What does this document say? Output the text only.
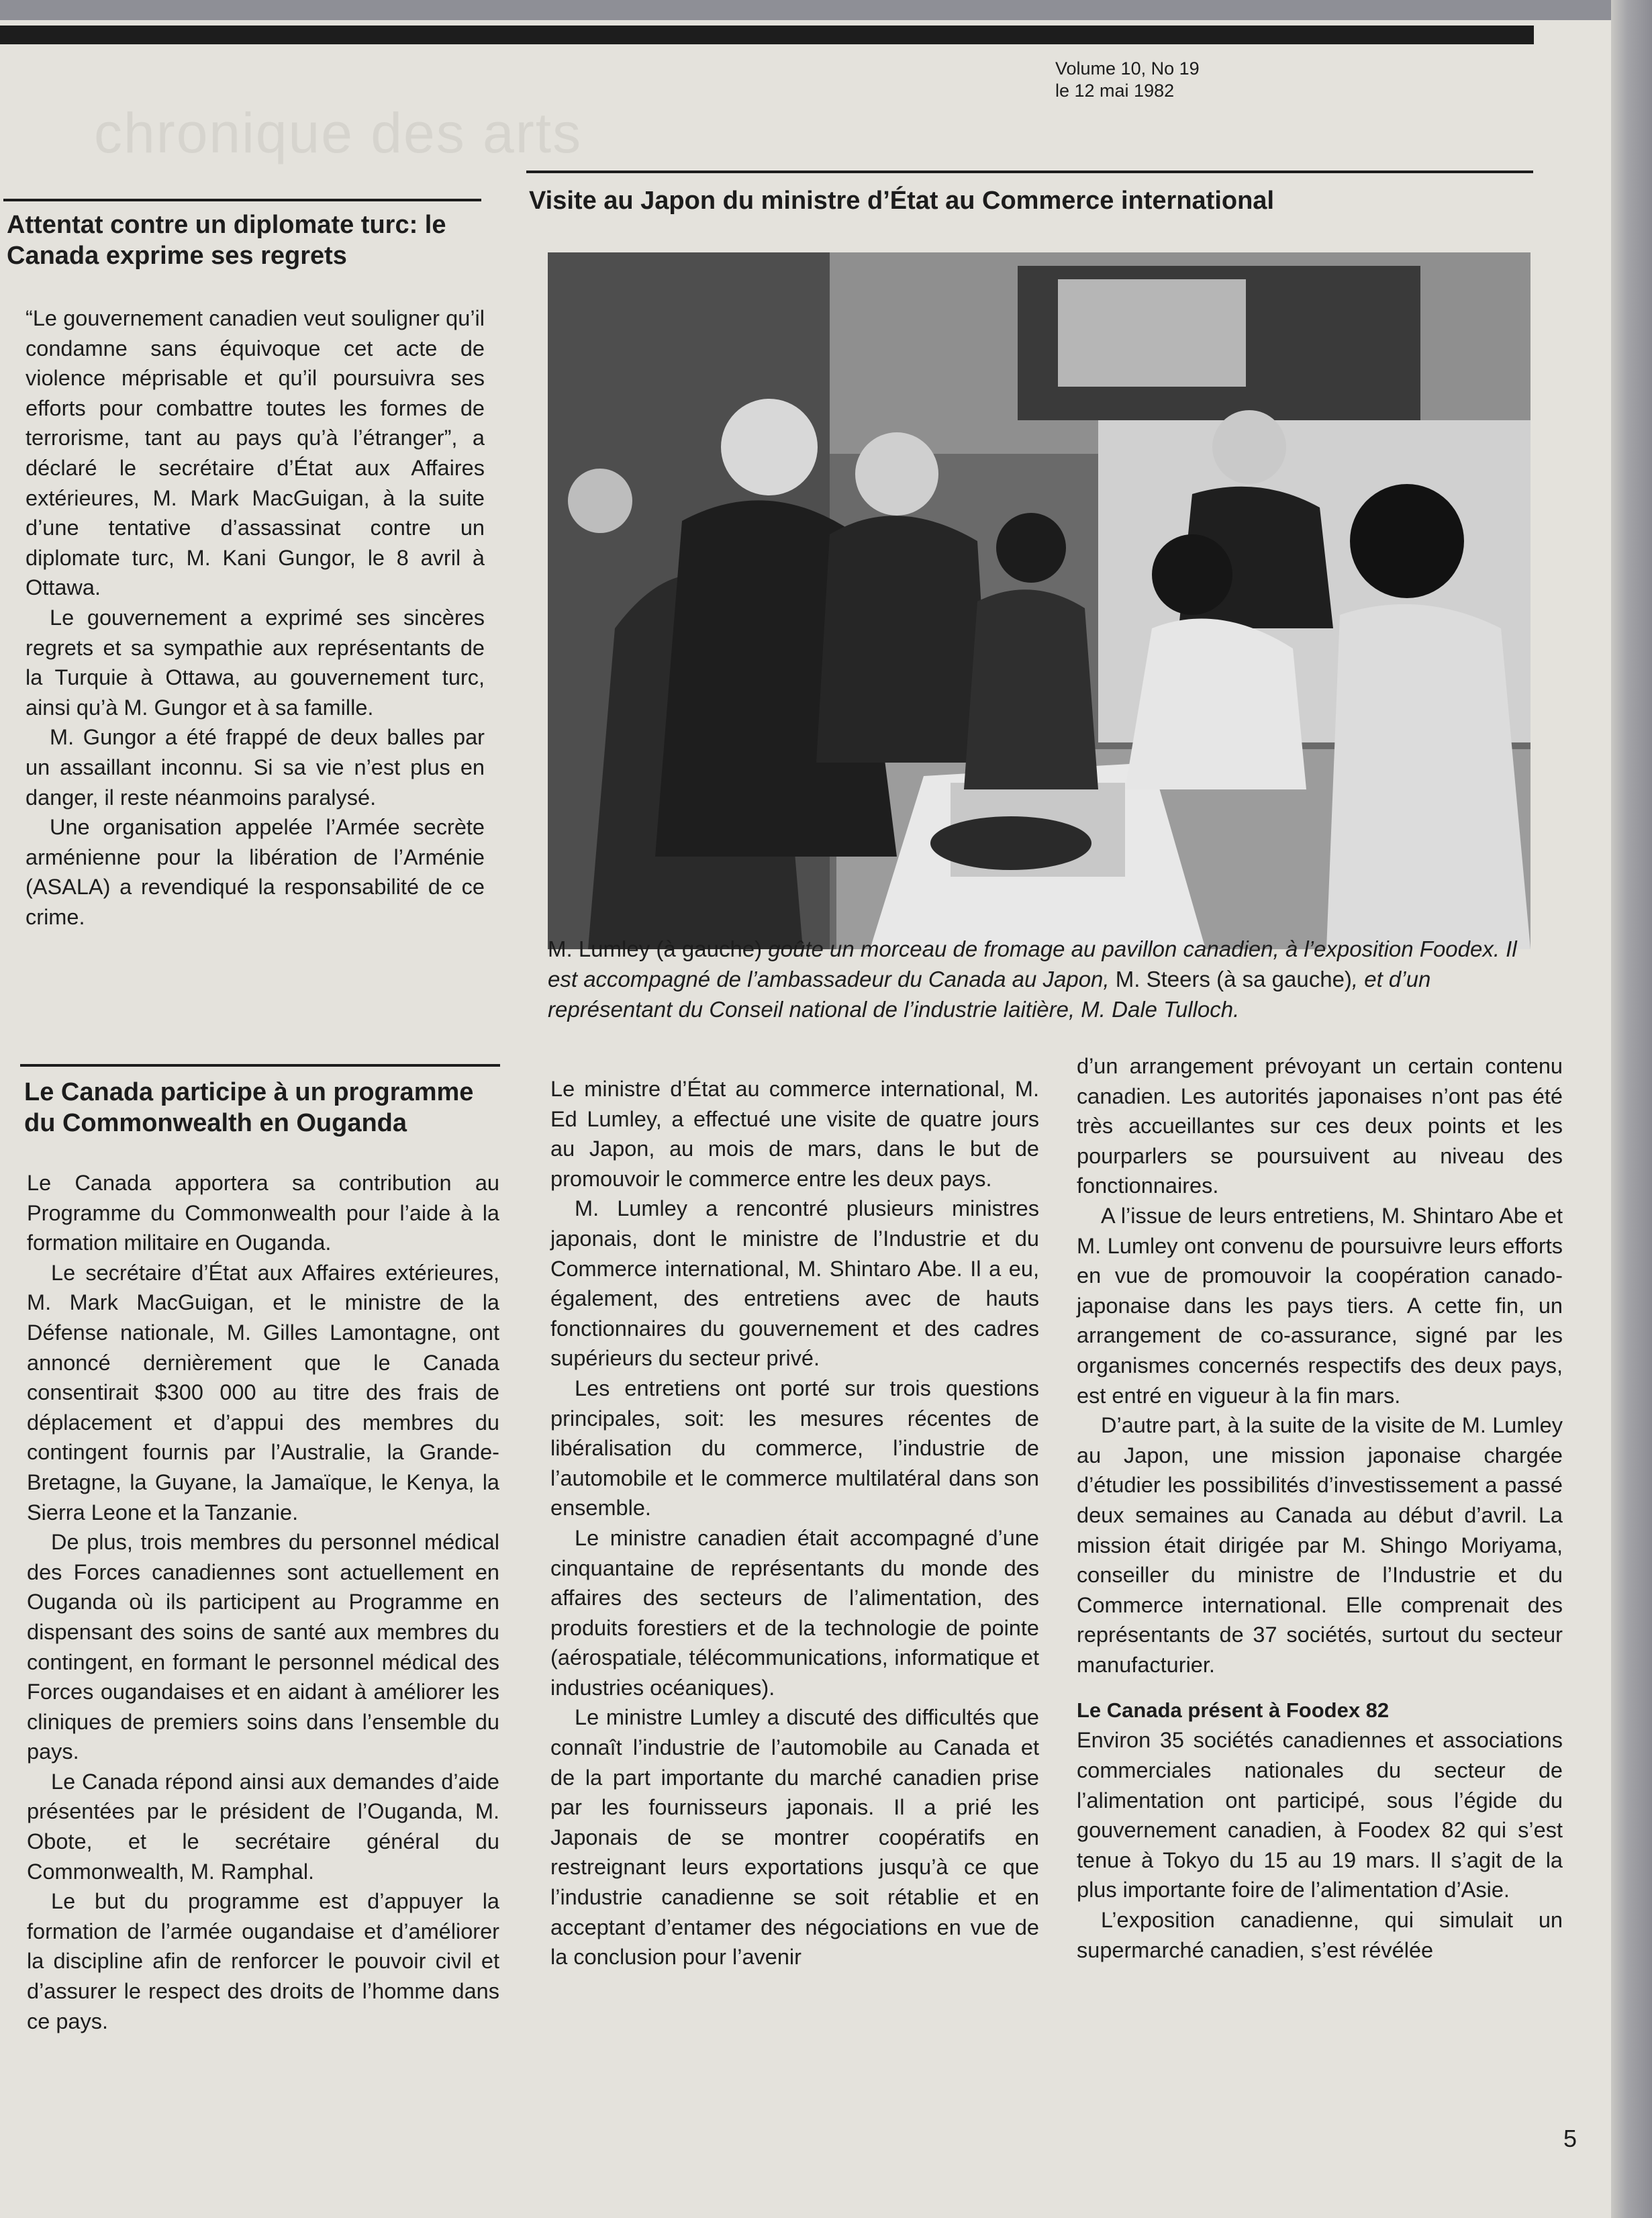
Volume 10, No 19
le 12 mai 1982
chronique des arts
Attentat contre un diplomate turc: le Canada exprime ses regrets

“Le gouvernement canadien veut souligner qu’il condamne sans équivoque cet acte de violence méprisable et qu’il poursuivra ses efforts pour combattre toutes les formes de terrorisme, tant au pays qu’à l’étranger”, a déclaré le secrétaire d’État aux Affaires extérieures, M. Mark MacGuigan, à la suite d’une tentative d’assassinat contre un diplomate turc, M. Kani Gungor, le 8 avril à Ottawa.

Le gouvernement a exprimé ses sincères regrets et sa sympathie aux représentants de la Turquie à Ottawa, au gouvernement turc, ainsi qu’à M. Gungor et à sa famille.

M. Gungor a été frappé de deux balles par un assaillant inconnu. Si sa vie n’est plus en danger, il reste néanmoins paralysé.

Une organisation appelée l’Armée secrète arménienne pour la libération de l’Arménie (ASALA) a revendiqué la responsabilité de ce crime.

Le Canada participe à un programme du Commonwealth en Ouganda

Le Canada apportera sa contribution au Programme du Commonwealth pour l’aide à la formation militaire en Ouganda.

Le secrétaire d’État aux Affaires extérieures, M. Mark MacGuigan, et le ministre de la Défense nationale, M. Gilles Lamontagne, ont annoncé dernièrement que le Canada consentirait $300 000 au titre des frais de déplacement et d’appui des membres du contingent fournis par l’Australie, la Grande-Bretagne, la Guyane, la Jamaïque, le Kenya, la Sierra Leone et la Tanzanie.

De plus, trois membres du personnel médical des Forces canadiennes sont actuellement en Ouganda où ils participent au Programme en dispensant des soins de santé aux membres du contingent, en formant le personnel médical des Forces ougandaises et en aidant à améliorer les cliniques de premiers soins dans l’ensemble du pays.

Le Canada répond ainsi aux demandes d’aide présentées par le président de l’Ouganda, M. Obote, et le secrétaire général du Commonwealth, M. Ramphal.

Le but du programme est d’appuyer la formation de l’armée ougandaise et d’améliorer la discipline afin de renforcer le pouvoir civil et d’assurer le respect des droits de l’homme dans ce pays.

Visite au Japon du ministre d’État au Commerce international
M. Lumley (à gauche) goûte un morceau de fromage au pavillon canadien, à l’exposition Foodex. Il est accompagné de l’ambassadeur du Canada au Japon, M. Steers (à sa gauche), et d’un représentant du Conseil national de l’industrie laitière, M. Dale Tulloch.

Le ministre d’État au commerce international, M. Ed Lumley, a effectué une visite de quatre jours au Japon, au mois de mars, dans le but de promouvoir le commerce entre les deux pays.

M. Lumley a rencontré plusieurs ministres japonais, dont le ministre de l’Industrie et du Commerce international, M. Shintaro Abe. Il a eu, également, des entretiens avec de hauts fonctionnaires du gouvernement et des cadres supérieurs du secteur privé.

Les entretiens ont porté sur trois questions principales, soit: les mesures récentes de libéralisation du commerce, l’industrie de l’automobile et le commerce multilatéral dans son ensemble.

Le ministre canadien était accompagné d’une cinquantaine de représentants du monde des affaires des secteurs de l’alimentation, des produits forestiers et de la technologie de pointe (aérospatiale, télécommunications, informatique et industries océaniques).

Le ministre Lumley a discuté des difficultés que connaît l’industrie de l’automobile au Canada et de la part importante du marché canadien prise par les fournisseurs japonais. Il a prié les Japonais de se montrer coopératifs en restreignant leurs exportations jusqu’à ce que l’industrie canadienne se soit rétablie et en acceptant d’entamer des négociations en vue de la conclusion pour l’avenir

d’un arrangement prévoyant un certain contenu canadien. Les autorités japonaises n’ont pas été très accueillantes sur ces deux points et les pourparlers se poursuivent au niveau des fonctionnaires.

A l’issue de leurs entretiens, M. Shintaro Abe et M. Lumley ont convenu de poursuivre leurs efforts en vue de promouvoir la coopération canado-japonaise dans les pays tiers. A cette fin, un arrangement de co-assurance, signé par les organismes concernés respectifs des deux pays, est entré en vigueur à la fin mars.

D’autre part, à la suite de la visite de M. Lumley au Japon, une mission japonaise chargée d’étudier les possibilités d’investissement a passé deux semaines au Canada au début d’avril. La mission était dirigée par M. Shingo Moriyama, conseiller du ministre de l’Industrie et du Commerce international. Elle comprenait des représentants de 37 sociétés, surtout du secteur manufacturier.

Le Canada présent à Foodex 82

Environ 35 sociétés canadiennes et associations commerciales nationales du secteur de l’alimentation ont participé, sous l’égide du gouvernement canadien, à Foodex 82 qui s’est tenue à Tokyo du 15 au 19 mars. Il s’agit de la plus importante foire de l’alimentation d’Asie.

L’exposition canadienne, qui simulait un supermarché canadien, s’est révélée

5
